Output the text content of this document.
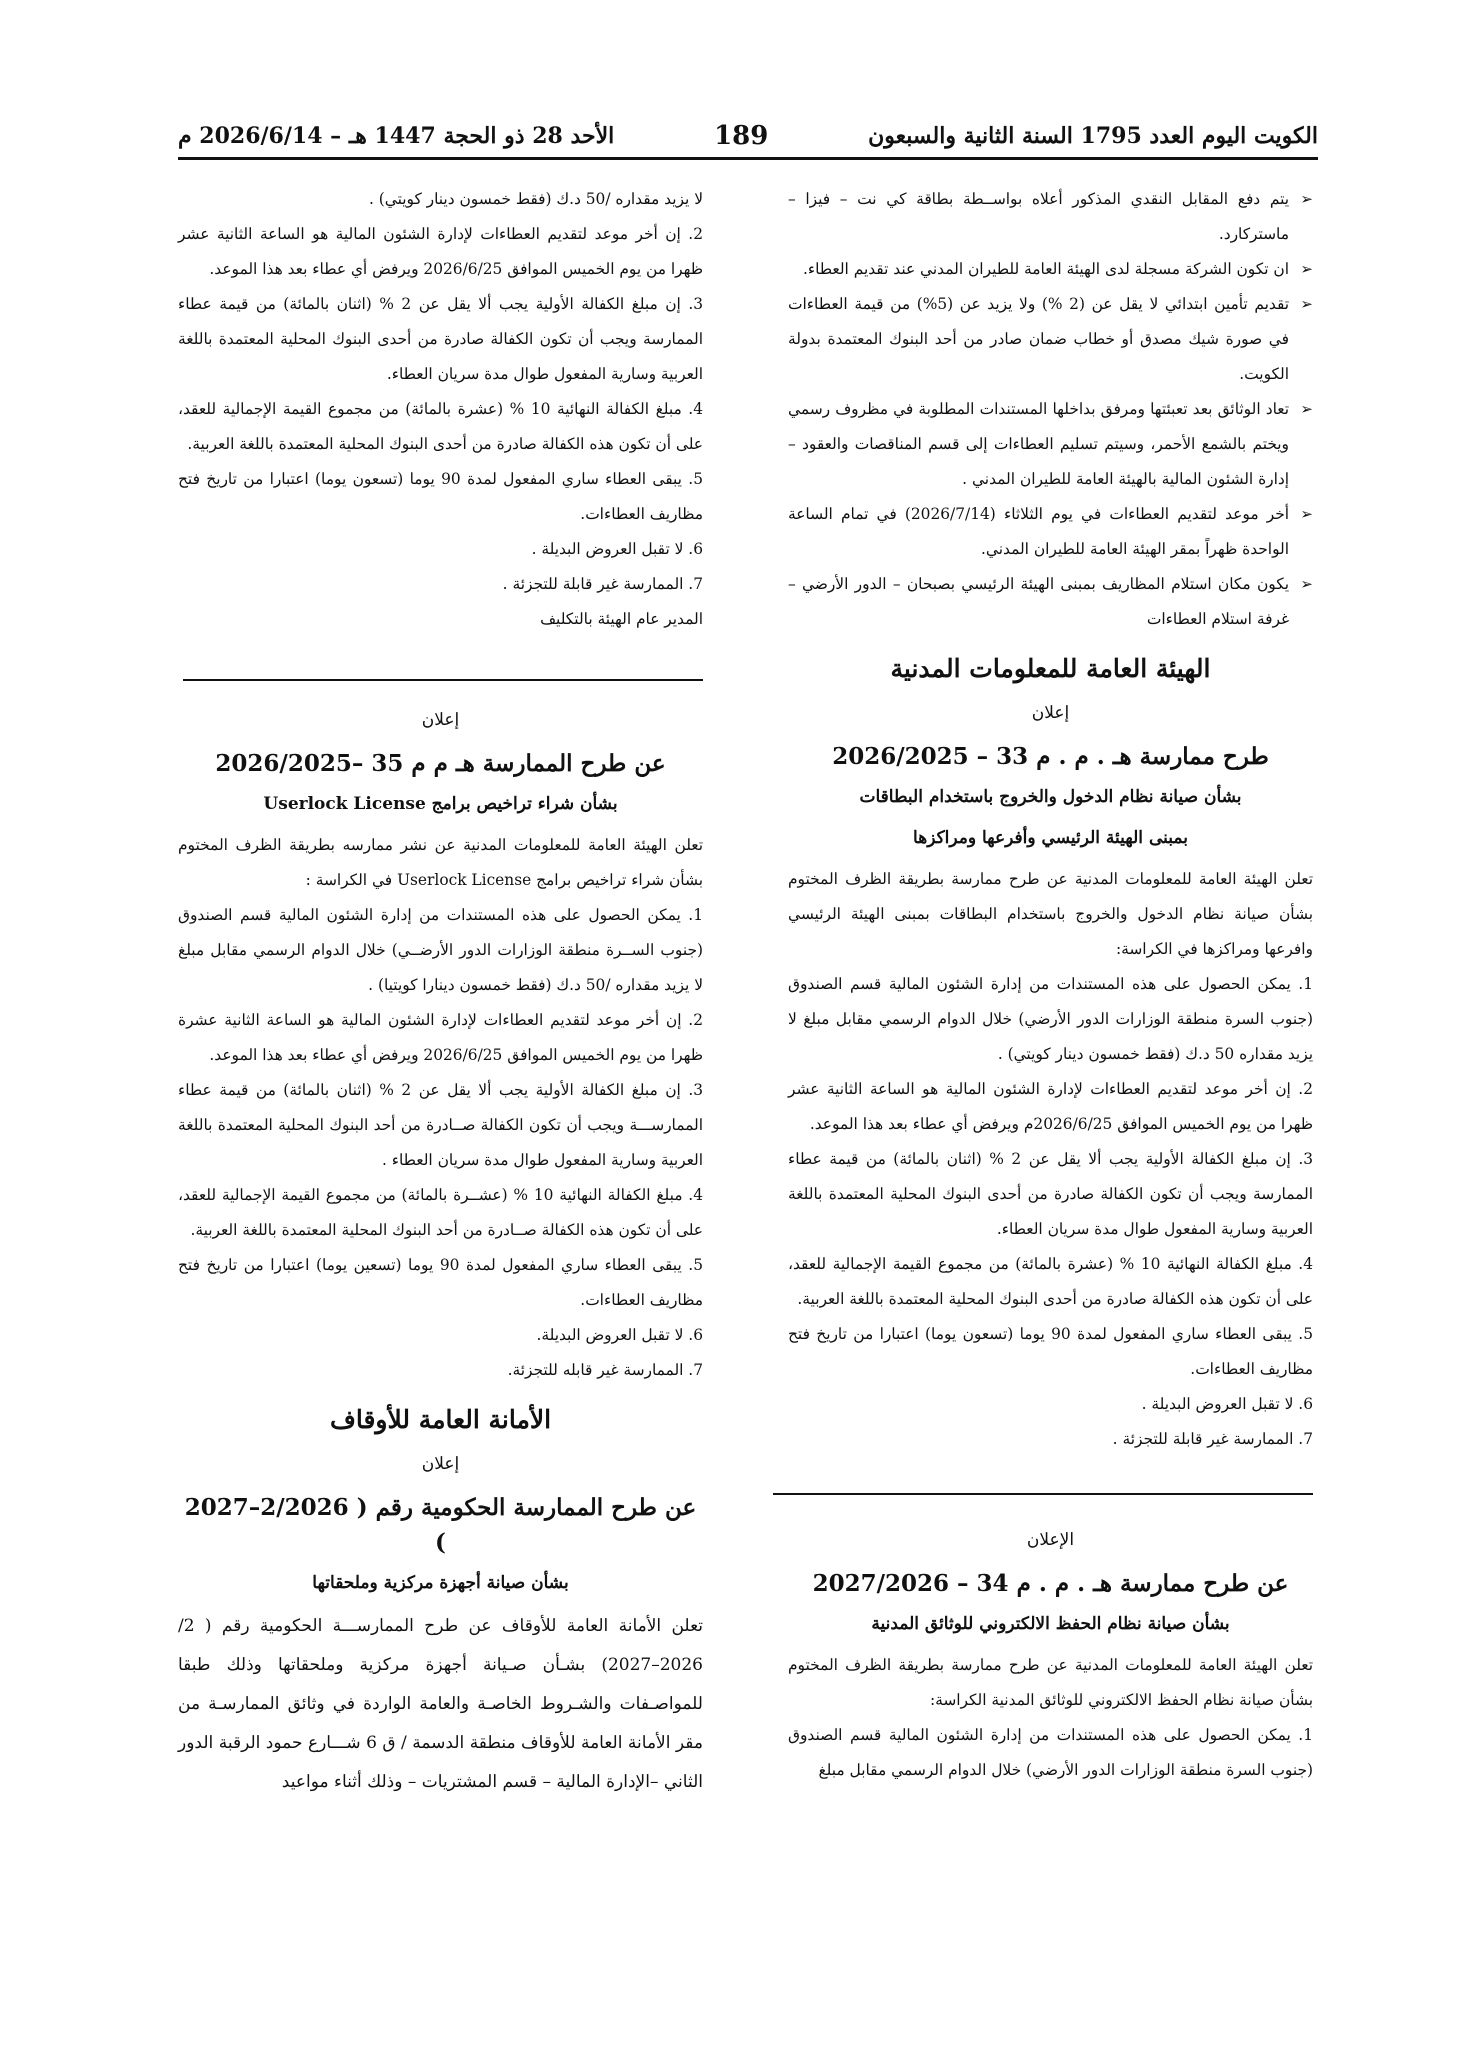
الكويت اليوم العدد 1795 السنة الثانية والسبعون
189
الأحد 28 ذو الحجة 1447 هـ – 2026/6/14 م

➢
يتم دفع المقابل النقدي المذكور أعلاه بواســطة بطاقة كي نت – فيزا – ماستركارد.

➢
ان تكون الشركة مسجلة لدى الهيئة العامة للطيران المدني عند تقديم العطاء.

➢
تقديم تأمين ابتدائي لا يقل عن (2 %) ولا يزيد عن (5%) من قيمة العطاءات في صورة شيك مصدق أو خطاب ضمان صادر من أحد البنوك المعتمدة بدولة الكويت.

➢
تعاد الوثائق بعد تعبئتها ومرفق بداخلها المستندات المطلوبة في مظروف رسمي ويختم بالشمع الأحمر، وسيتم تسليم العطاءات إلى قسم المناقصات والعقود – إدارة الشئون المالية بالهيئة العامة للطيران المدني .

➢
أخر موعد لتقديم العطاءات في يوم الثلاثاء (2026/7/14) في تمام الساعة الواحدة ظهراً بمقر الهيئة العامة للطيران المدني.

➢
يكون مكان استلام المظاريف بمبنى الهيئة الرئيسي بصبحان – الدور الأرضي –غرفة استلام العطاءات

الهيئة العامة للمعلومات المدنية
إعلان
طرح ممارسة هـ . م . م 33 – 2026/2025
بشأن صيانة نظام الدخول والخروج باستخدام البطاقات
بمبنى الهيئة الرئيسي وأفرعها ومراكزها

تعلن الهيئة العامة للمعلومات المدنية عن طرح ممارسة بطريقة الظرف المختوم بشأن صيانة نظام الدخول والخروج باستخدام البطاقات بمبنى الهيئة الرئيسي وافرعها ومراكزها في الكراسة:

1. يمكن الحصول على هذه المستندات من إدارة الشئون المالية قسم الصندوق (جنوب السرة منطقة الوزارات الدور الأرضي) خلال الدوام الرسمي مقابل مبلغ لا يزيد مقداره 50 د.ك (فقط خمسون دينار كويتي) .

2. إن أخر موعد لتقديم العطاءات لإدارة الشئون المالية هو الساعة الثانية عشر ظهرا من يوم الخميس الموافق 2026/6/25م ويرفض أي عطاء بعد هذا الموعد.

3. إن مبلغ الكفالة الأولية يجب ألا يقل عن 2 % (اثنان بالمائة) من قيمة عطاء الممارسة ويجب أن تكون الكفالة صادرة من أحدى البنوك المحلية المعتمدة باللغة العربية وسارية المفعول طوال مدة سريان العطاء.

4. مبلغ الكفالة النهائية 10 % (عشرة بالمائة) من مجموع القيمة الإجمالية للعقد، على أن تكون هذه الكفالة صادرة من أحدى البنوك المحلية المعتمدة باللغة العربية.

5. يبقى العطاء ساري المفعول لمدة 90 يوما (تسعون يوما) اعتبارا من تاريخ فتح مظاريف العطاءات.

6. لا تقبل العروض البديلة .

7. الممارسة غير قابلة للتجزئة .

الإعلان
عن طرح ممارسة هـ . م . م 34 – 2027/2026
بشأن صيانة نظام الحفظ الالكتروني للوثائق المدنية

تعلن الهيئة العامة للمعلومات المدنية عن طرح ممارسة بطريقة الظرف المختوم بشأن صيانة نظام الحفظ الالكتروني للوثائق المدنية الكراسة:

1. يمكن الحصول على هذه المستندات من إدارة الشئون المالية قسم الصندوق (جنوب السرة منطقة الوزارات الدور الأرضي) خلال الدوام الرسمي مقابل مبلغ

لا يزيد مقداره /50 د.ك (فقط خمسون دينار كويتي) .

2. إن أخر موعد لتقديم العطاءات لإدارة الشئون المالية هو الساعة الثانية عشر ظهرا من يوم الخميس الموافق 2026/6/25 ويرفض أي عطاء بعد هذا الموعد.

3. إن مبلغ الكفالة الأولية يجب ألا يقل عن 2 % (اثنان بالمائة) من قيمة عطاء الممارسة ويجب أن تكون الكفالة صادرة من أحدى البنوك المحلية المعتمدة باللغة العربية وسارية المفعول طوال مدة سريان العطاء.

4. مبلغ الكفالة النهائية 10 % (عشرة بالمائة) من مجموع القيمة الإجمالية للعقد، على أن تكون هذه الكفالة صادرة من أحدى البنوك المحلية المعتمدة باللغة العربية.

5. يبقى العطاء ساري المفعول لمدة 90 يوما (تسعون يوما) اعتبارا من تاريخ فتح مظاريف العطاءات.

6. لا تقبل العروض البديلة .

7. الممارسة غير قابلة للتجزئة .

المدير عام الهيئة بالتكليف

إعلان
عن طرح الممارسة هـ م م 35 –2026/2025
بشأن شراء تراخيص برامج Userlock License

تعلن الهيئة العامة للمعلومات المدنية عن نشر ممارسه بطريقة الظرف المختوم بشأن شراء تراخيص برامج Userlock License في الكراسة :

1. يمكن الحصول على هذه المستندات من إدارة الشئون المالية قسم الصندوق (جنوب الســرة منطقة الوزارات الدور الأرضــي) خلال الدوام الرسمي مقابل مبلغ لا يزيد مقداره /50 د.ك (فقط خمسون دينارا كويتيا) .

2. إن أخر موعد لتقديم العطاءات لإدارة الشئون المالية هو الساعة الثانية عشرة ظهرا من يوم الخميس الموافق 2026/6/25 ويرفض أي عطاء بعد هذا الموعد.

3. إن مبلغ الكفالة الأولية يجب ألا يقل عن 2 % (اثنان بالمائة) من قيمة عطاء الممارســـة ويجب أن تكون الكفالة صــادرة من أحد البنوك المحلية المعتمدة باللغة العربية وسارية المفعول طوال مدة سريان العطاء .

4. مبلغ الكفالة النهائية 10 % (عشــرة بالمائة) من مجموع القيمة الإجمالية للعقد، على أن تكون هذه الكفالة صــادرة من أحد البنوك المحلية المعتمدة باللغة العربية.

5. يبقى العطاء ساري المفعول لمدة 90 يوما (تسعين يوما) اعتبارا من تاريخ فتح مظاريف العطاءات.

6. لا تقبل العروض البديلة.

7. الممارسة غير قابله للتجزئة.

الأمانة العامة للأوقاف
إعلان
عن طرح الممارسة الحكومية رقم ( 2/2026–2027 )
بشأن صيانة أجهزة مركزية وملحقاتها

تعلن الأمانة العامة للأوقاف عن طرح الممارســـة الحكومية رقم ( 2/ 2026–2027) بشـأن صـيانة أجهزة مركزية وملحقاتها وذلك طبقا للمواصـفات والشـروط الخاصـة والعامة الواردة في وثائق الممارسـة من مقر الأمانة العامة للأوقاف منطقة الدسمة / ق 6 شـــارع حمود الرقبة الدور الثاني –الإدارة المالية – قسم المشتريات – وذلك أثناء مواعيد
